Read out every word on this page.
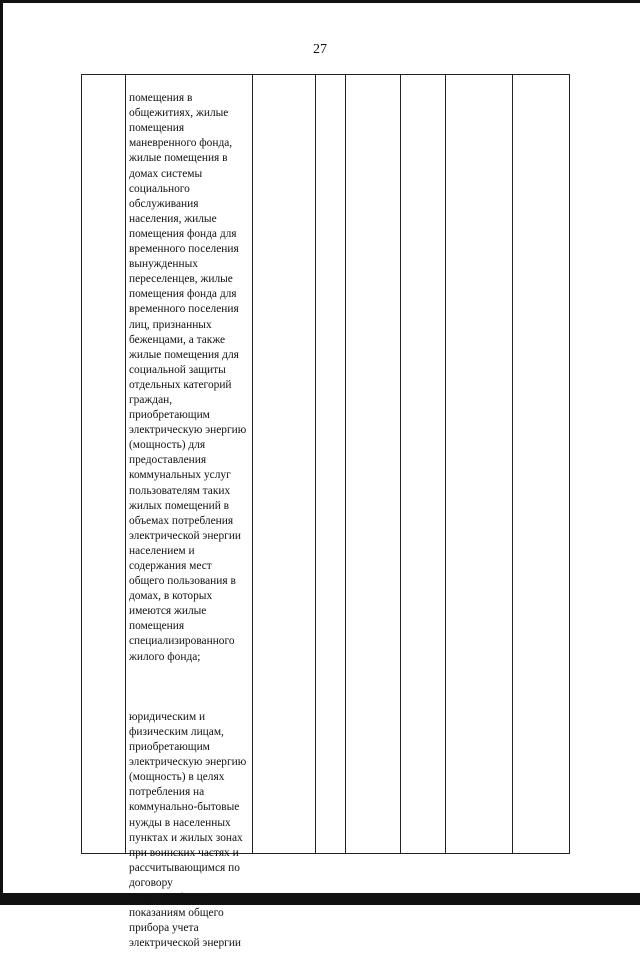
27

помещения в
общежитиях, жилые
помещения
маневренного фонда,
жилые помещения в
домах системы
социального
обслуживания
населения, жилые
помещения фонда для
временного поселения
вынужденных
переселенцев, жилые
помещения фонда для
временного поселения
лиц, признанных
беженцами, а также
жилые помещения для
социальной защиты
отдельных категорий
граждан,
приобретающим
электрическую энергию
(мощность) для
предоставления
коммунальных услуг
пользователям таких
жилых помещений в
объемах потребления
электрической энергии
населением и
содержания мест
общего пользования в
домах, в которых
имеются жилые
помещения
специализированного
жилого фонда;

юридическим и
физическим лицам,
приобретающим
электрическую энергию
(мощность) в целях
потребления на
коммунально-бытовые
нужды в населенных
пунктах и жилых зонах
при воинских частях и
рассчитывающимся по
договору
энергоснабжения по
показаниям общего
прибора учета
электрической энергии
